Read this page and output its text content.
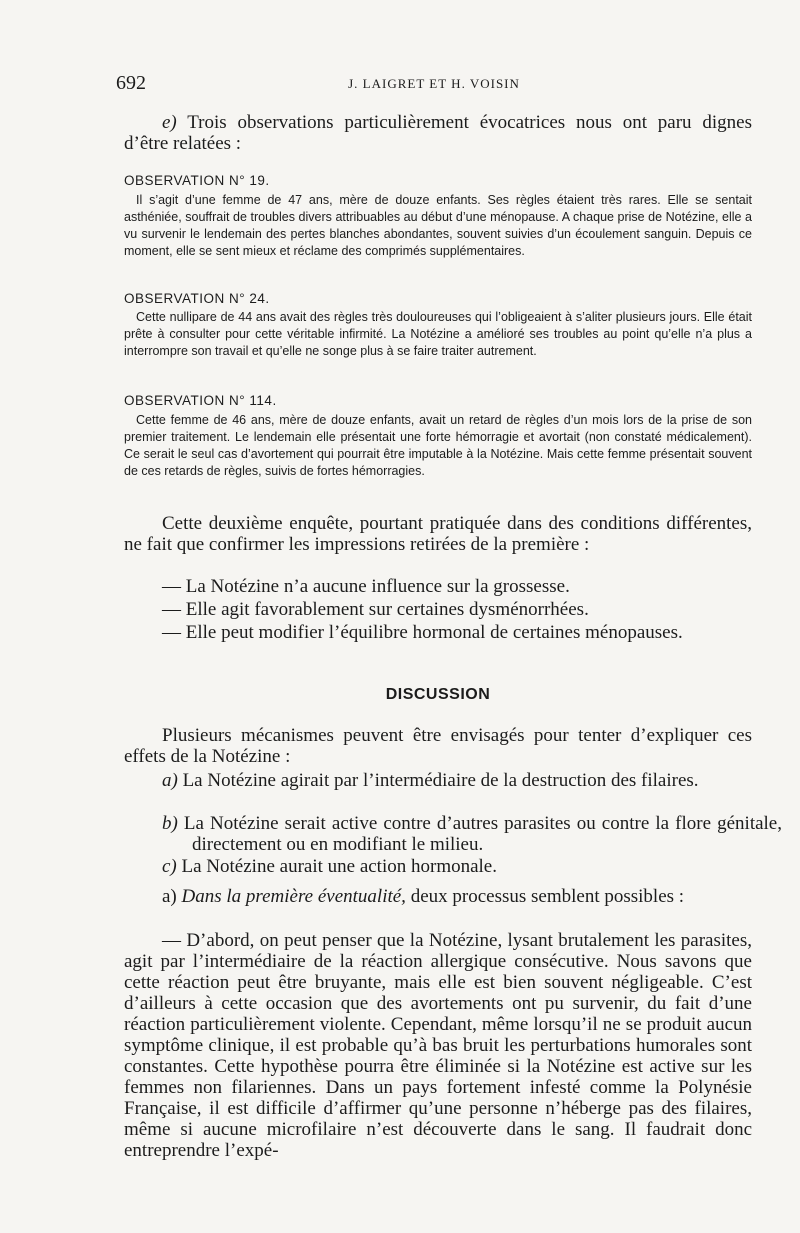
692	J. LAIGRET ET H. VOISIN

e) Trois observations particulièrement évocatrices nous ont paru dignes d’être relatées :

OBSERVATION N° 19.
Il s’agit d’une femme de 47 ans, mère de douze enfants. Ses règles étaient très rares. Elle se sentait asthéniée, souffrait de troubles divers attribuables au début d’une ménopause. A chaque prise de Notézine, elle a vu survenir le lendemain des pertes blanches abondantes, souvent suivies d’un écoulement sanguin. Depuis ce moment, elle se sent mieux et réclame des comprimés supplémentaires.
OBSERVATION N° 24.
Cette nullipare de 44 ans avait des règles très douloureuses qui l’obligeaient à s’aliter plusieurs jours. Elle était prête à consulter pour cette véritable infirmité. La Notézine a amélioré ses troubles au point qu’elle n’a plus a interrompre son travail et qu’elle ne songe plus à se faire traiter autrement.
OBSERVATION N° 114.
Cette femme de 46 ans, mère de douze enfants, avait un retard de règles d’un mois lors de la prise de son premier traitement. Le lendemain elle présentait une forte hémorragie et avortait (non constaté médicalement). Ce serait le seul cas d’avortement qui pourrait être imputable à la Notézine. Mais cette femme présentait souvent de ces retards de règles, suivis de fortes hémorragies.
Cette deuxième enquête, pourtant pratiquée dans des conditions différentes, ne fait que confirmer les impressions retirées de la première :
— La Notézine n’a aucune influence sur la grossesse.
— Elle agit favorablement sur certaines dysménorrhées.
— Elle peut modifier l’équilibre hormonal de certaines ménopauses.
DISCUSSION
Plusieurs mécanismes peuvent être envisagés pour tenter d’expliquer ces effets de la Notézine :
a) La Notézine agirait par l’intermédiaire de la destruction des filaires.
b) La Notézine serait active contre d’autres parasites ou contre la flore génitale, directement ou en modifiant le milieu.
c) La Notézine aurait une action hormonale.
a) Dans la première éventualité, deux processus semblent possibles :
— D’abord, on peut penser que la Notézine, lysant brutalement les parasites, agit par l’intermédiaire de la réaction allergique consécutive. Nous savons que cette réaction peut être bruyante, mais elle est bien souvent négligeable. C’est d’ailleurs à cette occasion que des avortements ont pu survenir, du fait d’une réaction particulièrement violente. Cependant, même lorsqu’il ne se produit aucun symptôme clinique, il est probable qu’à bas bruit les perturbations humorales sont constantes. Cette hypothèse pourra être éliminée si la Notézine est active sur les femmes non filariennes. Dans un pays fortement infesté comme la Polynésie Française, il est difficile d’affirmer qu’une personne n’héberge pas des filaires, même si aucune microfilaire n’est découverte dans le sang. Il faudrait donc entreprendre l’expé-
